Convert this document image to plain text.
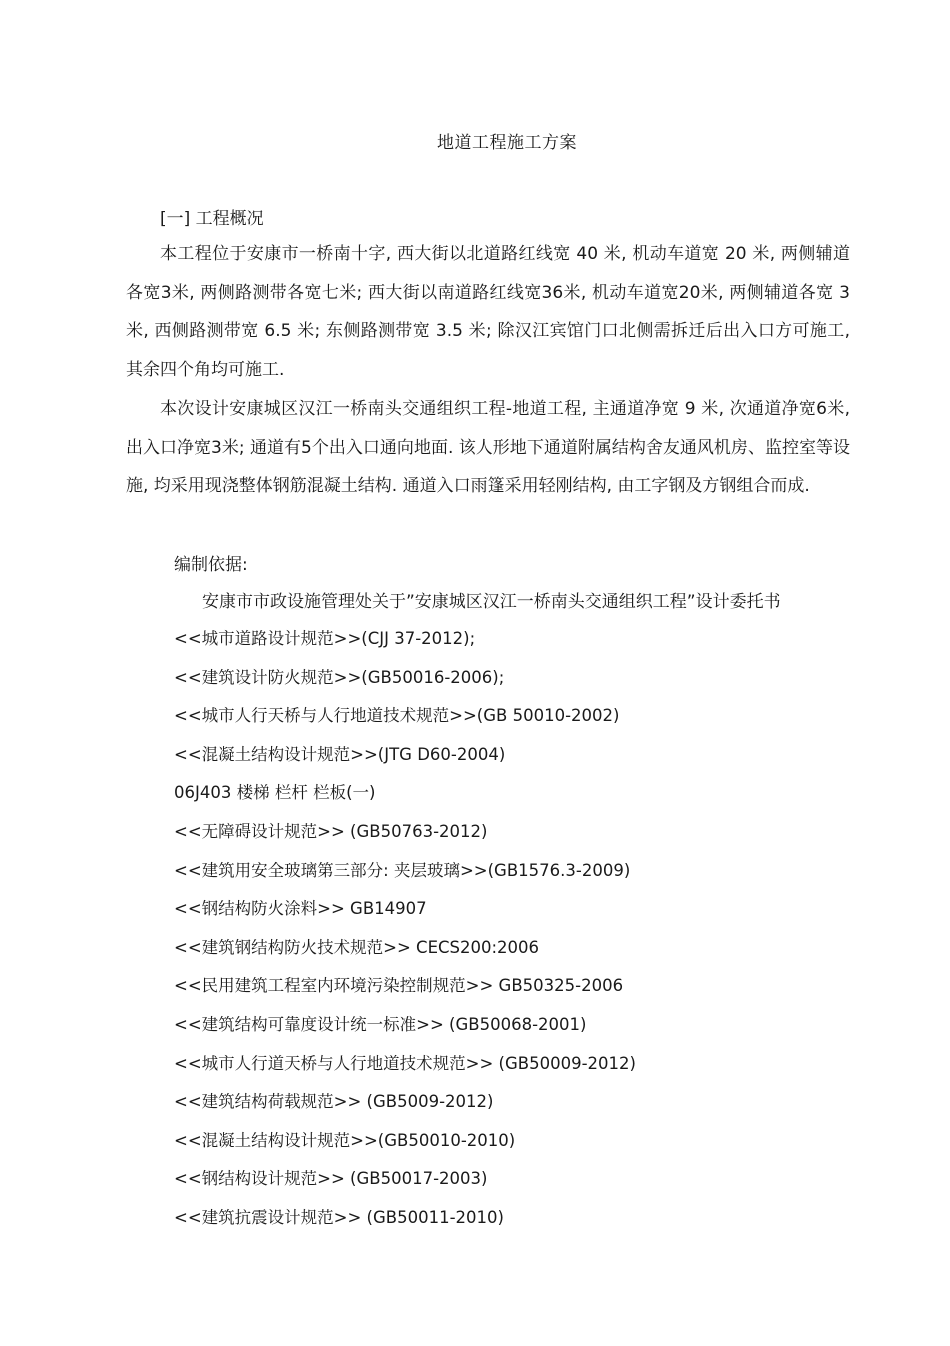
地道工程施工方案
[一] 工程概况
本工程位于安康市一桥南十字, 西大街以北道路红线宽 40 米, 机动车道宽 20 米, 两侧辅道各宽3米, 两侧路测带各宽七米; 西大街以南道路红线宽36米, 机动车道宽20米, 两侧辅道各宽 3 米, 西侧路测带宽 6.5 米; 东侧路测带宽 3.5 米; 除汉江宾馆门口北侧需拆迁后出入口方可施工, 其余四个角均可施工.
本次设计安康城区汉江一桥南头交通组织工程-地道工程, 主通道净宽 9 米, 次通道净宽6米, 出入口净宽3米; 通道有5个出入口通向地面. 该人形地下通道附属结构舍友通风机房、监控室等设施, 均采用现浇整体钢筋混凝土结构. 通道入口雨篷采用轻刚结构, 由工字钢及方钢组合而成.
编制依据:
安康市市政设施管理处关于”安康城区汉江一桥南头交通组织工程”设计委托书
<<城市道路设计规范>>(CJJ 37-2012);
<<建筑设计防火规范>>(GB50016-2006);
<<城市人行天桥与人行地道技术规范>>(GB 50010-2002)
<<混凝土结构设计规范>>(JTG D60-2004)
06J403 楼梯 栏杆 栏板(一)
<<无障碍设计规范>> (GB50763-2012)
<<建筑用安全玻璃第三部分: 夹层玻璃>>(GB1576.3-2009)
<<钢结构防火涂料>> GB14907
<<建筑钢结构防火技术规范>> CECS200:2006
<<民用建筑工程室内环境污染控制规范>> GB50325-2006
<<建筑结构可靠度设计统一标准>> (GB50068-2001)
<<城市人行道天桥与人行地道技术规范>> (GB50009-2012)
<<建筑结构荷载规范>> (GB5009-2012)
<<混凝土结构设计规范>>(GB50010-2010)
<<钢结构设计规范>> (GB50017-2003)
<<建筑抗震设计规范>> (GB50011-2010)
